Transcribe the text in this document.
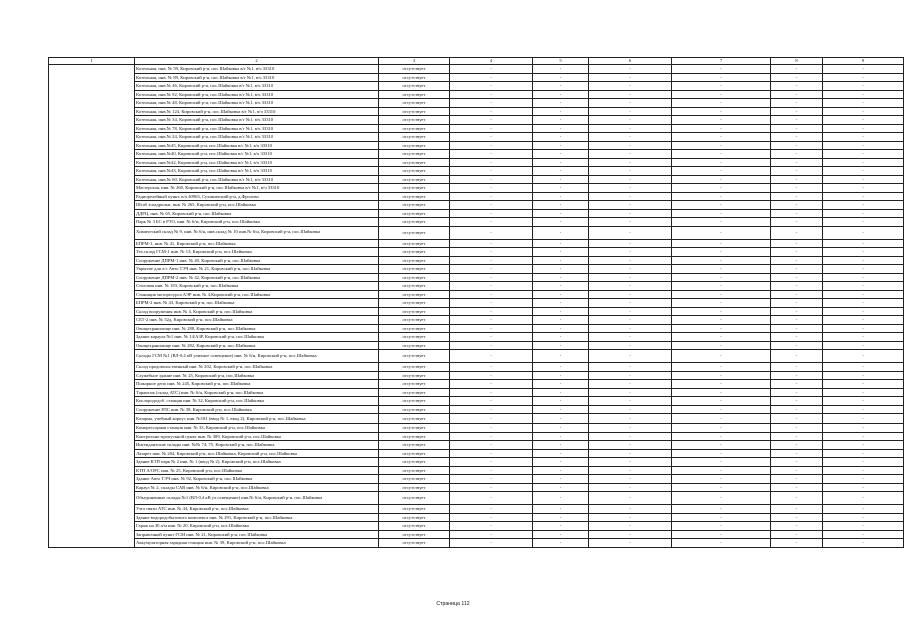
1	2	3	4	5	6	7	8	9
	Котельная, инв. № 59, Кировский р-н, пос.Шайковка в/г №1, в/ч 33310	отсутствует	-	-	-	-	-	-
	Котельная, инв. № 89, Кировский р-н, пос.Шайковка в/г №1, в/ч 33310	отсутствует	-	-	-	-	-	-
	Котельная, инв.№ 46, Кировский р-н, пос.Шайковка в/г №1, в/ч 33310	отсутствует	-	-	-	-	-	-
	Котельная, инв.№ 92, Кировский р-н, пос.Шайковка в/г №1, в/ч 33310	отсутствует	-	-	-	-	-	-
	Котельная, инв.№ 48, Кировский р-н, пос.Шайковка в/г №1, в/ч 33310	отсутствует	-	-	-	-	-	-
	Котельная, инв.№ 124, Кировский р-н, пос.Шайковка в/г №1, в/ч 33310	отсутствует	-	-	-	-	-	-
	Котельная, инв.№ 34, Кировский р-н, пос.Шайковка в/г №1, в/ч 33310	отсутствует	-	-	-	-	-	-
	Котельная, инв.№ 78, Кировский р-н, пос.Шайковка в/г №1, в/ч 33310	отсутствует	-	-	-	-	-	-
	Котельная, инв.№ 24, Кировский р-н, пос.Шайковка в/г №1, в/ч 33310	отсутствует	-	-	-	-	-	-
	Котельная, инв.№45, Кировский р-н, пос.Шайковка в/г №1, в/ч 33310	отсутствует	-	-	-	-	-	-
	Котельная, инв.№40, Кировский р-н, пос.Шайковка в/г №1, в/ч 33310	отсутствует	-	-	-	-	-	-
	Котельная, инв.№42, Кировский р-н, пос.Шайковка в/г №1, в/ч 33310	отсутствует	-	-	-	-	-	-
	Котельная, инв.№43, Кировский р-н, пос.Шайковка в/г №1, в/ч 33310	отсутствует	-	-	-	-	-	-
	Котельная, инв.№ 60, Кировский р-н, пос.Шайковка в/г №1, в/ч 33310	отсутствует	-	-	-	-	-	-
	Мастерская, инв. № 260, Кировский р-н, пос.Шайковка в/г №1, в/ч 33310	отсутствует	-	-	-	-	-	-
	Радиорелейный пункт, в/ч 40963, Сухиничский р-н, д.Фролово	отсутствует	-	-	-	-	-	-
	Штаб эскадрильи, инв. № 265, Кировский р-н, пос.Шайковка	отсутствует	-	-	-	-	-	-
	ДДРЦ, инв. № 65, Кировский р-н, пос.Шайковка	отсутствует	-	-	-	-	-	-
	Парк № 3 БС в РТО, инв. № 6/м, Кировский р-н, пос.Шайковка	отсутствует	-	-	-	-	-	-
	Химический склад № 9, инв. № 6/н, инв.склад № 10 инв.№ 6/н, Кировский р-н, пос.Шайковка	отсутствует	-	-	-	-	-	-
	БПРМ-1, инв. № 41, Кировский р-н, пос.Шайковка	отсутствует	-	-	-	-	-	-
	Тех.склад ГСМ-1 инв. № 13, Кировский р-н, пос.Шайковка	отсутствует	-	-	-	-	-	-
	Сооружение ДПРМ-1 инв. № 40, Кировский р-н, пос.Шайковка	отсутствует	-	-	-	-	-	-
	Укрытие для л/с Авто ТЭЧ инв. № 21, Кировский р-н, пос.Шайковка	отсутствует	-	-	-	-	-	-
	Сооружение ДПРМ-2 инв. № 42, Кировский р-н, пос.Шайковка	отсутствует	-	-	-	-	-	-
	Столовая инв. № 183, Кировский р-н, пос.Шайковка	отсутствует	-	-	-	-	-	-
	Стоянщик моторесурса АЭР инв. № 4,Кировский р-н, пос.Шайковка	отсутствует	-	-	-	-	-	-
	БПРМ-2 инв. № 43, Кировский р-н, пос.Шайковка	отсутствует	-	-	-	-	-	-
	Склад вооружения инв. № 4, Кировский р-н, пос.Шайковка	отсутствует	-	-	-	-	-	-
	СБТ-2 инв. № 52д, Кировский р-н, пос.Шайковка	отсутствует	-	-	-	-	-	-
	Овощехранилище инв. № 288, Кировский р-н, пос.Шайковка	отсутствует	-	-	-	-	-	-
	Здание караула №1 инв. № 14/А3Р, Кировский р-н, пос.Шайковка	отсутствует	-	-	-	-	-	-
	Овощехранилище инв. № 282, Кировский р-н, пос.Шайковка	отсутствует	-	-	-	-	-	-
	Склады ГСМ №1 (ВЛ-0,4 кВ уличное освещение) инв. № 6/н, Кировский р-н, пос.Шайковка	отсутствует	-	-	-	-	-	-
	Склад продовольственный инв. № 202, Кировский р-н, пос.Шайковка	отсутствует	-	-	-	-	-	-
	Служебное здание инв. № 25, Кировский р-н, пос.Шайковка	отсутствует	-	-	-	-	-	-
	Пожарное депо инв. № 245, Кировский р-н, пос.Шайковка	отсутствует	-	-	-	-	-	-
	Тарантаж (склад АТС) инв. № 6/н, Кировский р-н, пос.Шайковка	отсутствует	-	-	-	-	-	-
	Кислорододоб. станция инв. № 32, Кировский р-н, пос.Шайковка	отсутствует	-	-	-	-	-	-
	Сооружение РЛС инв. № 38, Кировский р-н, пос.Шайковка	отсутствует	-	-	-	-	-	-
	Казарма, учебный корпус инв. №181 (ввод № 1, ввод 2), Кировский р-н, пос.Шайковка	отсутствует	-	-	-	-	-	-
	Компрессорная станция инв. № 33, Кировский р-н, пос.Шайковка	отсутствует	-	-	-	-	-	-
	Контрольно-пропускной пункт инв. № 389, Кировский р-н, пос.Шайковка	отсутствует	-	-	-	-	-	-
	Интендантские склады инв. №№ 74, 75, Кировский р-н, пос.Шайковка	отсутствует	-	-	-	-	-	-
	Лазарет инв. № 204, Кировский р-н, пос.Шайковка, Кировский р-н, пос.Шайковка	отсутствует	-	-	-	-	-	-
	Здание КТП парк № 2 инв. № 1 (ввод № 2), Кировский р-н, пос.Шайковка	отсутствует	-	-	-	-	-	-
	КТП А/ОРС инв. № 25, Кировский р-н, пос.Шайковка	отсутствует	-	-	-	-	-	-
	Здание Авто ТЭЧ инв. № 92, Кировский р-н, пос.Шайковка	отсутствует	-	-	-	-	-	-
	Караул № 2, склады САВ инв. № 6/н, Кировский р-н, пос.Шайковка	отсутствует	-	-	-	-	-	-
	Объединенные склады №1 (ВЛ-0,4 кВ ул.освещение) инв.№ 6/н, Кировский р-н, пос.Шайковка	отсутствует	-	-	-	-	-	-
	Узел связи АТС инв. № 44, Кировский р-н, пос.Шайковка	отсутствует	-	-	-	-	-	-
	Здание водородобытового комплекса инв. № 291, Кировский р-н, пос.Шайковка	отсутствует	-	-	-	-	-	-
	Гараж на 30 а/м инв. № 20, Кировский р-н, пос.Шайковка	отсутствует	-	-	-	-	-	-
	Заправочный пункт ГСМ инв. № 21, Кировский р-н, пос.Шайковка	отсутствует	-	-	-	-	-	-
	Аккумуляторная зарядная станция инв. № 39, Кировский р-н, пос.Шайковка	отсутствует	-	-	-	-	-	-
Страница 112
